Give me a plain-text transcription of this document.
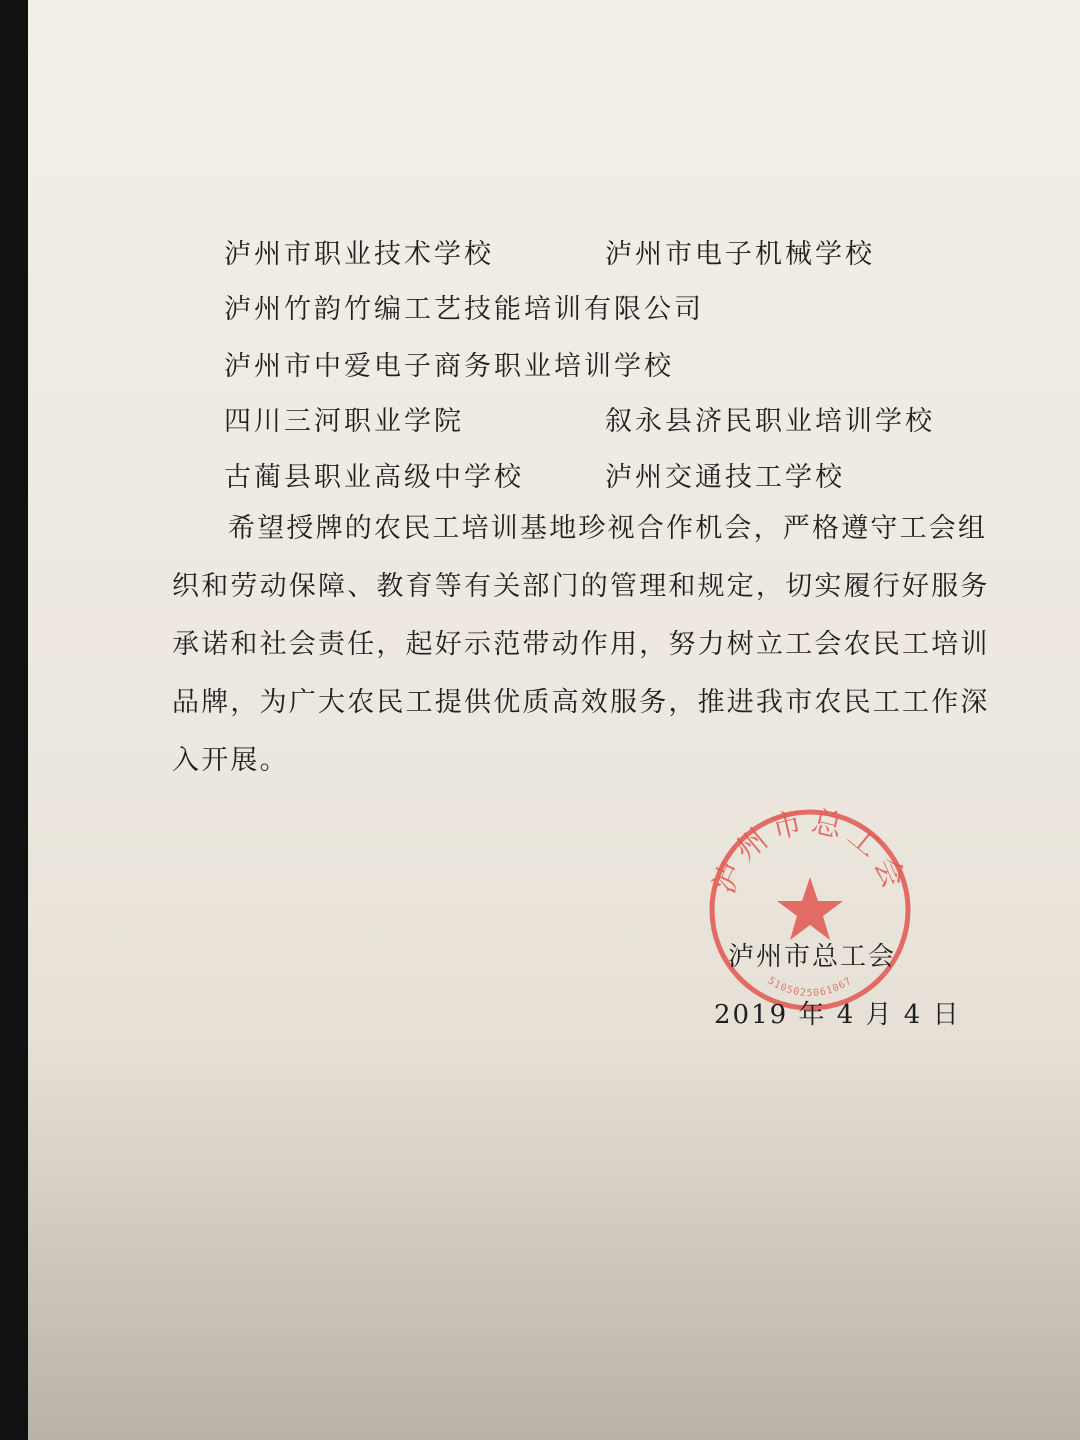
泸州市职业技术学校	泸州市电子机械学校
泸州竹韵竹编工艺技能培训有限公司
泸州市中爱电子商务职业培训学校
四川三河职业学院	叙永县济民职业培训学校
古蔺县职业高级中学校	泸州交通技工学校
希望授牌的农民工培训基地珍视合作机会，严格遵守工会组
织和劳动保障、教育等有关部门的管理和规定，切实履行好服务
承诺和社会责任，起好示范带动作用，努力树立工会农民工培训
品牌，为广大农民工提供优质高效服务，推进我市农民工工作深
入开展。
泸州市总工会
5105025061067
泸州市总工会
2019 年 4 月 4 日
